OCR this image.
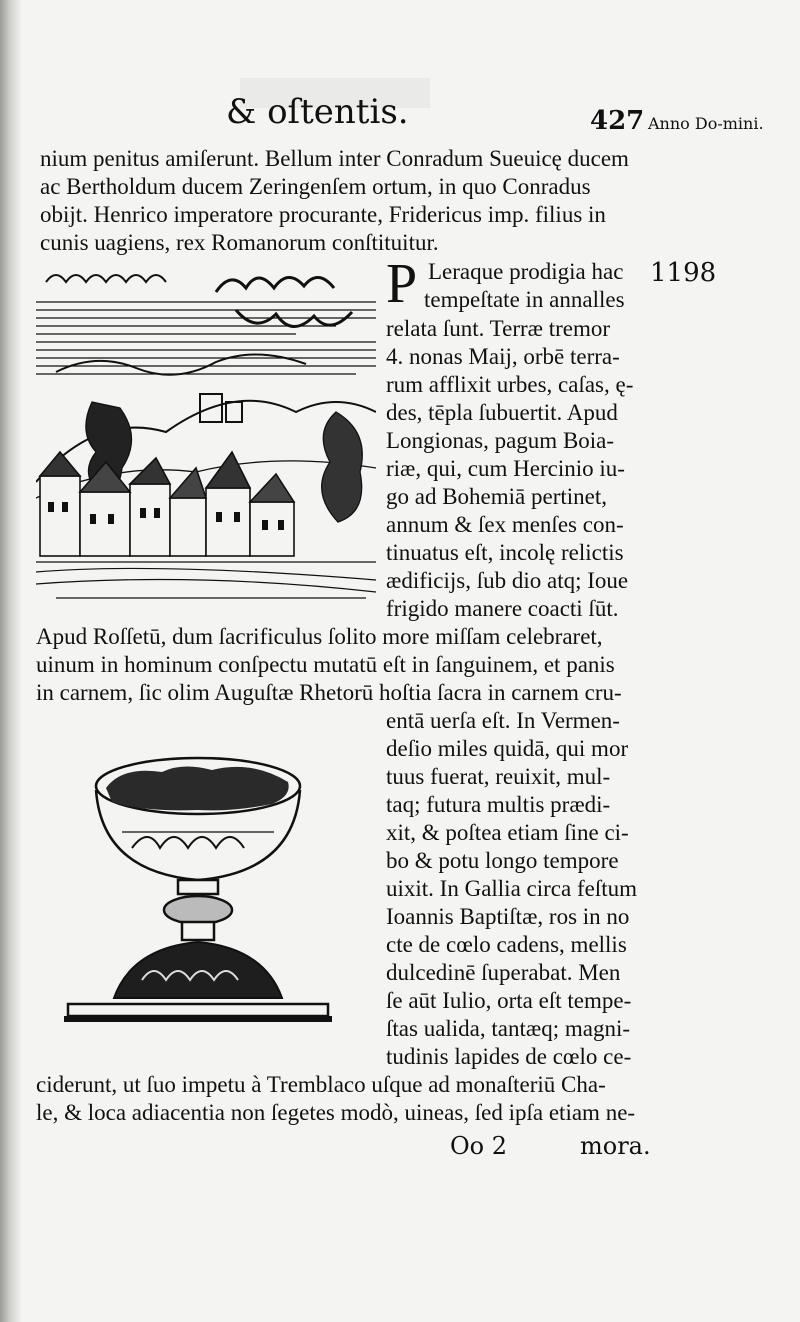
& oſtentis.	427 Anno Do-mini.
1198
nium penitus amiſerunt. Bellum inter Conradum Sueuicę ducem
ac Bertholdum ducem Zeringenſem ortum, in quo Conradus
obijt. Henrico imperatore procurante, Fridericus imp. filius in
cunis uagiens, rex Romanorum conſtituitur.
P Leraque prodigia hac
tempeſtate in annalles
relata ſunt. Terræ tremor
4. nonas Maij, orbē terra-
rum afflixit urbes, caſas, ę-
des, tēpla ſubuertit. Apud
Longionas, pagum Boia-
riæ, qui, cum Hercinio iu-
go ad Bohemiā pertinet,
annum & ſex menſes con-
tinuatus eſt, incolę relictis
ædificijs, ſub dio atq; Ioue
frigido manere coacti ſūt.
Apud Roſſetū, dum ſacrificulus ſolito more miſſam celebraret,
uinum in hominum conſpectu mutatū eſt in ſanguinem, et panis
in carnem, ſic olim Auguſtæ Rhetorū hoſtia ſacra in carnem cru-
entā uerſa eſt. In Vermen-
deſio miles quidā, qui mor
tuus fuerat, reuixit, mul-
taq; futura multis prædi-
xit, & poſtea etiam ſine ci-
bo & potu longo tempore
uixit. In Gallia circa feſtum
Ioannis Baptiſtæ, ros in no
cte de cœlo cadens, mellis
dulcedinē ſuperabat. Men
ſe aūt Iulio, orta eſt tempe-
ſtas ualida, tantæq; magni-
tudinis lapides de cœlo ce-
ciderunt, ut ſuo impetu à Tremblaco uſque ad monaſteriū Cha-
le, & loca adiacentia non ſegetes modò, uineas, ſed ipſa etiam ne-
Oo 2	mora.
